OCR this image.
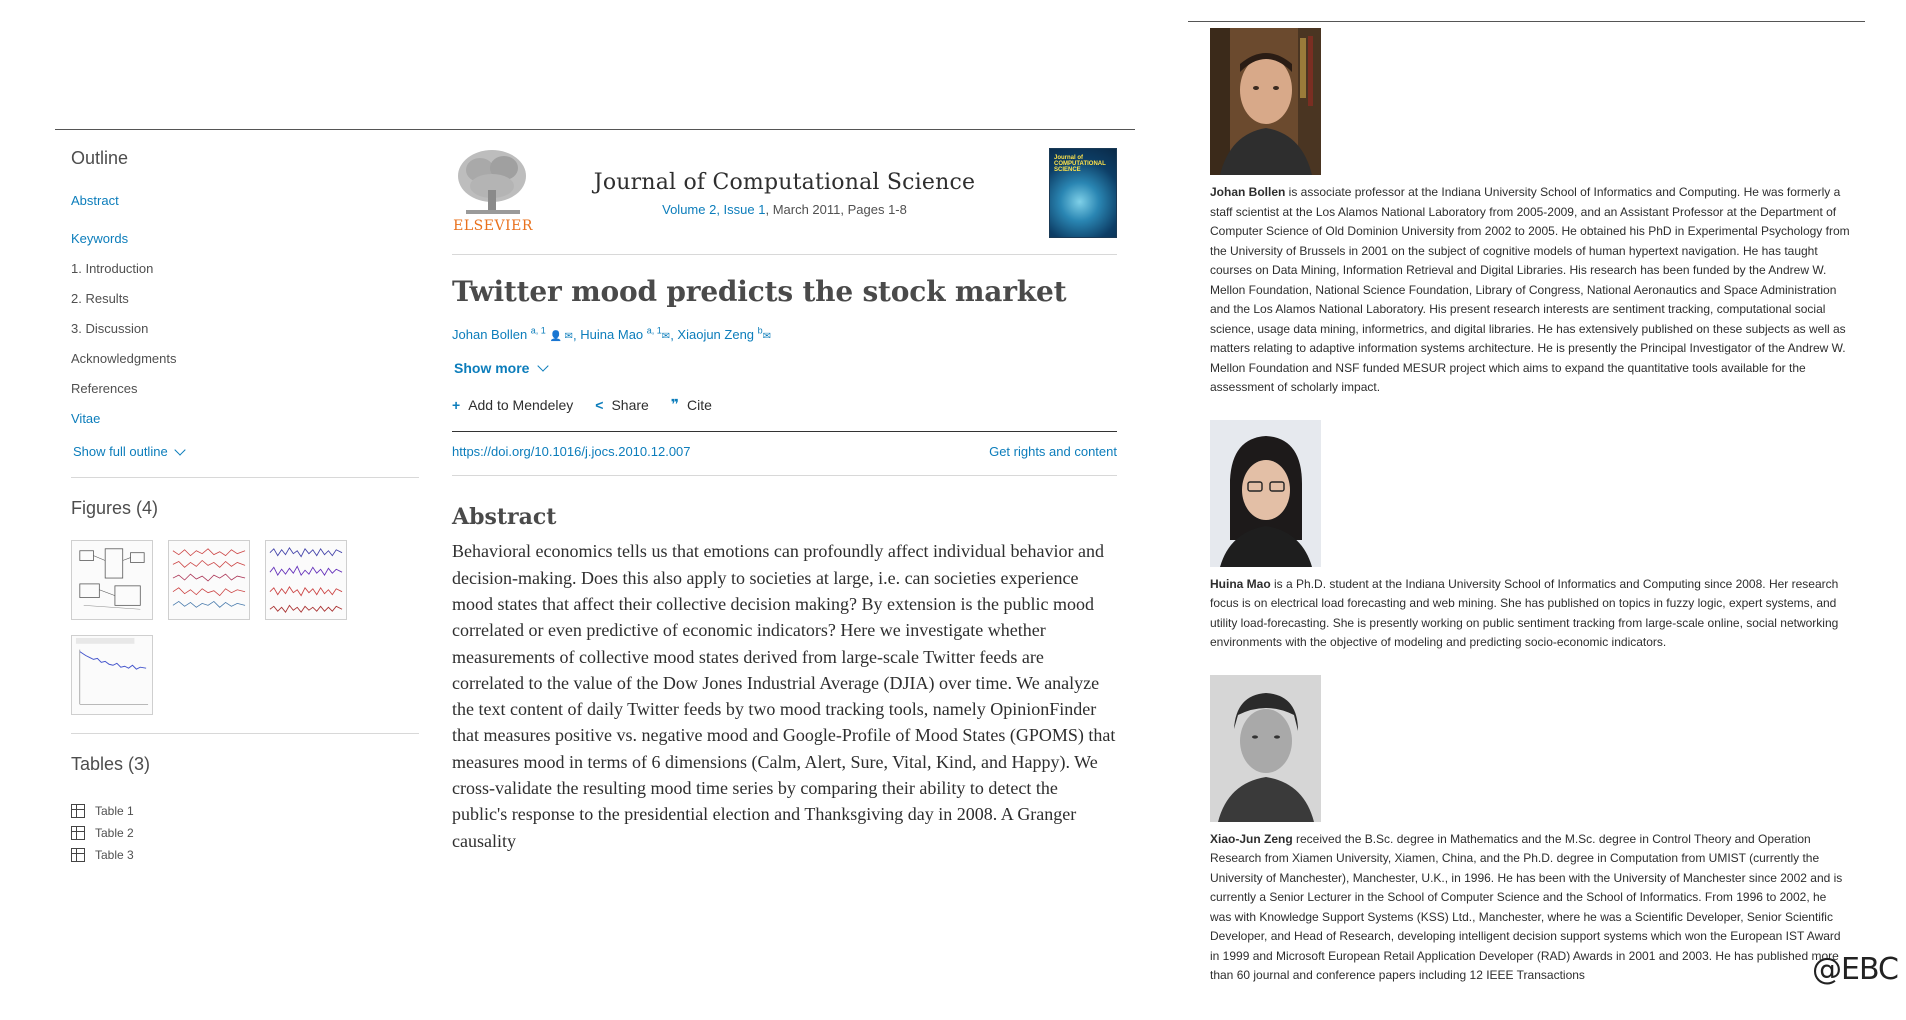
Outline
Abstract
Keywords
1. Introduction
2. Results
3. Discussion
Acknowledgments
References
Vitae
Show full outline
Figures (4)
Tables (3)
Table 1
Table 2
Table 3
ELSEVIER
Journal of Computational Science
Volume 2, Issue 1, March 2011, Pages 1-8
Journal of COMPUTATIONAL SCIENCE
Twitter mood predicts the stock market
Johan Bollen $^{a, 1}$ 👤 ✉, Huina Mao $^{a, 1}$✉, Xiaojun Zeng $^b$✉
Show more
+ Add to Mendeley < Share ❞ Cite
https://doi.org/10.1016/j.jocs.2010.12.007	Get rights and content
Abstract

Behavioral economics tells us that emotions can profoundly affect individual behavior and decision-making. Does this also apply to societies at large, i.e. can societies experience mood states that affect their collective decision making? By extension is the public mood correlated or even predictive of economic indicators? Here we investigate whether measurements of collective mood states derived from large-scale Twitter feeds are correlated to the value of the Dow Jones Industrial Average (DJIA) over time. We analyze the text content of daily Twitter feeds by two mood tracking tools, namely OpinionFinder that measures positive vs. negative mood and Google-Profile of Mood States (GPOMS) that measures mood in terms of 6 dimensions (Calm, Alert, Sure, Vital, Kind, and Happy). We cross-validate the resulting mood time series by comparing their ability to detect the public's response to the presidential election and Thanksgiving day in 2008. A Granger causality

Johan Bollen is associate professor at the Indiana University School of Informatics and Computing. He was formerly a staff scientist at the Los Alamos National Laboratory from 2005-2009, and an Assistant Professor at the Department of Computer Science of Old Dominion University from 2002 to 2005. He obtained his PhD in Experimental Psychology from the University of Brussels in 2001 on the subject of cognitive models of human hypertext navigation. He has taught courses on Data Mining, Information Retrieval and Digital Libraries. His research has been funded by the Andrew W. Mellon Foundation, National Science Foundation, Library of Congress, National Aeronautics and Space Administration and the Los Alamos National Laboratory. His present research interests are sentiment tracking, computational social science, usage data mining, informetrics, and digital libraries. He has extensively published on these subjects as well as matters relating to adaptive information systems architecture. He is presently the Principal Investigator of the Andrew W. Mellon Foundation and NSF funded MESUR project which aims to expand the quantitative tools available for the assessment of scholarly impact.

Huina Mao is a Ph.D. student at the Indiana University School of Informatics and Computing since 2008. Her research focus is on electrical load forecasting and web mining. She has published on topics in fuzzy logic, expert systems, and utility load-forecasting. She is presently working on public sentiment tracking from large-scale online, social networking environments with the objective of modeling and predicting socio-economic indicators.

Xiao-Jun Zeng received the B.Sc. degree in Mathematics and the M.Sc. degree in Control Theory and Operation Research from Xiamen University, Xiamen, China, and the Ph.D. degree in Computation from UMIST (currently the University of Manchester), Manchester, U.K., in 1996. He has been with the University of Manchester since 2002 and is currently a Senior Lecturer in the School of Computer Science and the School of Informatics. From 1996 to 2002, he was with Knowledge Support Systems (KSS) Ltd., Manchester, where he was a Scientific Developer, Senior Scientific Developer, and Head of Research, developing intelligent decision support systems which won the European IST Award in 1999 and Microsoft European Retail Application Developer (RAD) Awards in 2001 and 2003. He has published more than 60 journal and conference papers including 12 IEEE Transactions	@EBC
